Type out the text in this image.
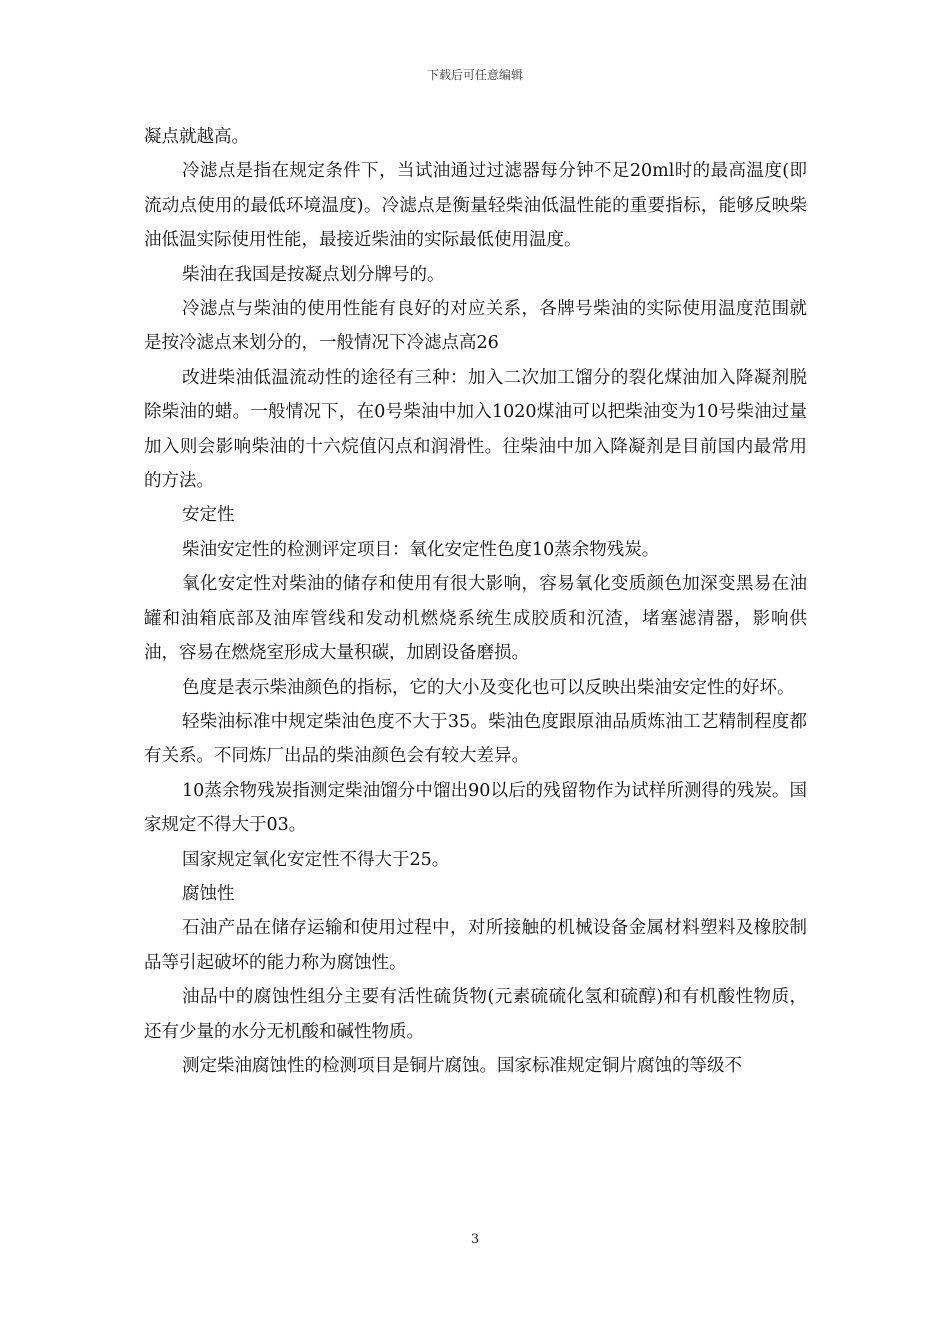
下载后可任意编辑

凝点就越高。

冷滤点是指在规定条件下，当试油通过过滤器每分钟不足20ml时的最高温度(即流动点使用的最低环境温度)。冷滤点是衡量轻柴油低温性能的重要指标，能够反映柴油低温实际使用性能，最接近柴油的实际最低使用温度。

柴油在我国是按凝点划分牌号的。

冷滤点与柴油的使用性能有良好的对应关系，各牌号柴油的实际使用温度范围就是按冷滤点来划分的，一般情况下冷滤点高26

改进柴油低温流动性的途径有三种：加入二次加工馏分的裂化煤油加入降凝剂脱除柴油的蜡。一般情况下，在0号柴油中加入1020煤油可以把柴油变为10号柴油过量加入则会影响柴油的十六烷值闪点和润滑性。往柴油中加入降凝剂是目前国内最常用的方法。

安定性

柴油安定性的检测评定项目：氧化安定性色度10蒸余物残炭。

氧化安定性对柴油的储存和使用有很大影响，容易氧化变质颜色加深变黑易在油罐和油箱底部及油库管线和发动机燃烧系统生成胶质和沉渣，堵塞滤清器，影响供油，容易在燃烧室形成大量积碳，加剧设备磨损。

色度是表示柴油颜色的指标，它的大小及变化也可以反映出柴油安定性的好坏。

轻柴油标准中规定柴油色度不大于35。柴油色度跟原油品质炼油工艺精制程度都有关系。不同炼厂出品的柴油颜色会有较大差异。

10蒸余物残炭指测定柴油馏分中馏出90以后的残留物作为试样所测得的残炭。国家规定不得大于03。

国家规定氧化安定性不得大于25。

腐蚀性

石油产品在储存运输和使用过程中，对所接触的机械设备金属材料塑料及橡胶制品等引起破坏的能力称为腐蚀性。

油品中的腐蚀性组分主要有活性硫货物(元素硫硫化氢和硫醇)和有机酸性物质，还有少量的水分无机酸和碱性物质。

测定柴油腐蚀性的检测项目是铜片腐蚀。国家标准规定铜片腐蚀的等级不

3
